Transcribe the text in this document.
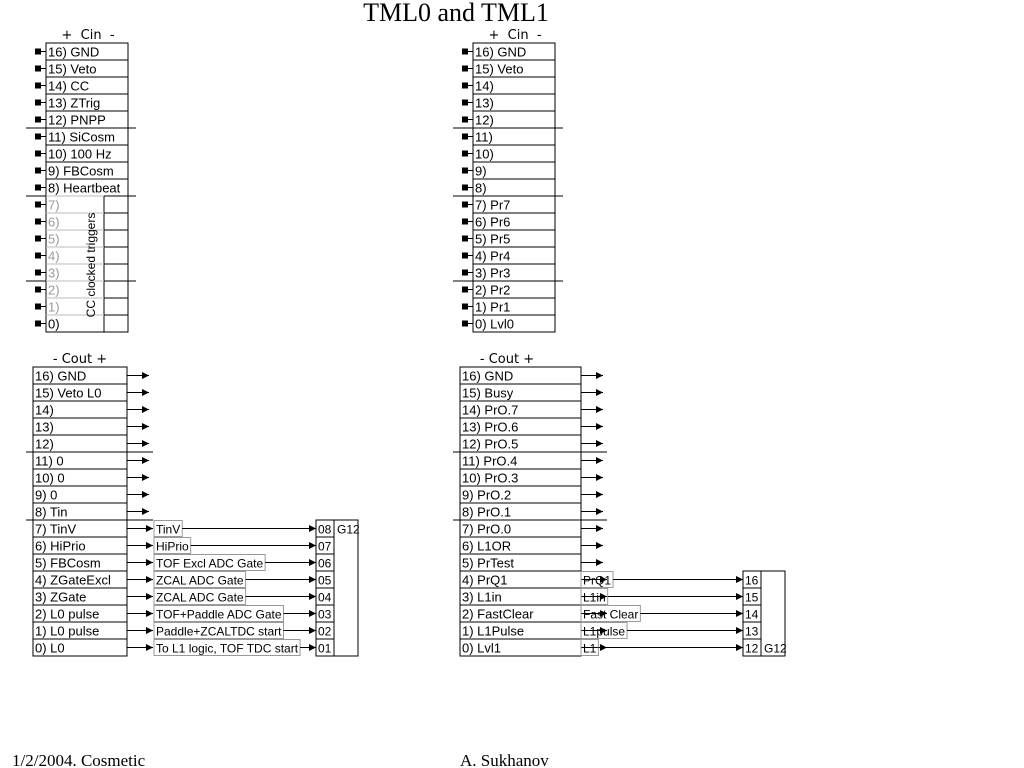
TML0 and TML1
+  Cin  -	+  Cin  -
- Cout +	- Cout +
16) GND
15) Veto
14) CC
13) ZTrig
12) PNPP
11) SiCosm
10) 100 Hz
9) FBCosm
8) Heartbeat
7)
6)
5)
4)
3)
2)
1)
0)
16) GND
15) Veto
14)
13)
12)
11)
10)
9)
8)
7) Pr7
6) Pr6
5) Pr5
4) Pr4
3) Pr3
2) Pr2
1) Pr1
0) Lvl0
16) GND
15) Veto L0
14)
13)
12)
11) 0
10) 0
9) 0
8) Tin
7) TinV
6) HiPrio
5) FBCosm
4) ZGateExcl
3) ZGate
2) L0 pulse
1) L0 pulse
0) L0
16) GND
15) Busy
14) PrO.7
13) PrO.6
12) PrO.5
11) PrO.4
10) PrO.3
9) PrO.2
8) PrO.1
7) PrO.0
6) L1OR
5) PrTest
4) PrQ1
3) L1in
2) FastClear
1) L1Pulse
0) Lvl1
TinV
HiPrio
TOF Excl ADC Gate
ZCAL ADC Gate
ZCAL ADC Gate
TOF+Paddle ADC Gate
Paddle+ZCALTDC start
To L1 logic, TOF TDC start
08
07
06
05
04
03
02
01
G12
PrQ1
L1in
Fast Clear
L1pulse
L1
16
15
14
13
12 G12
CC clocked triggers
1/2/2004. Cosmetic	A. Sukhanov
